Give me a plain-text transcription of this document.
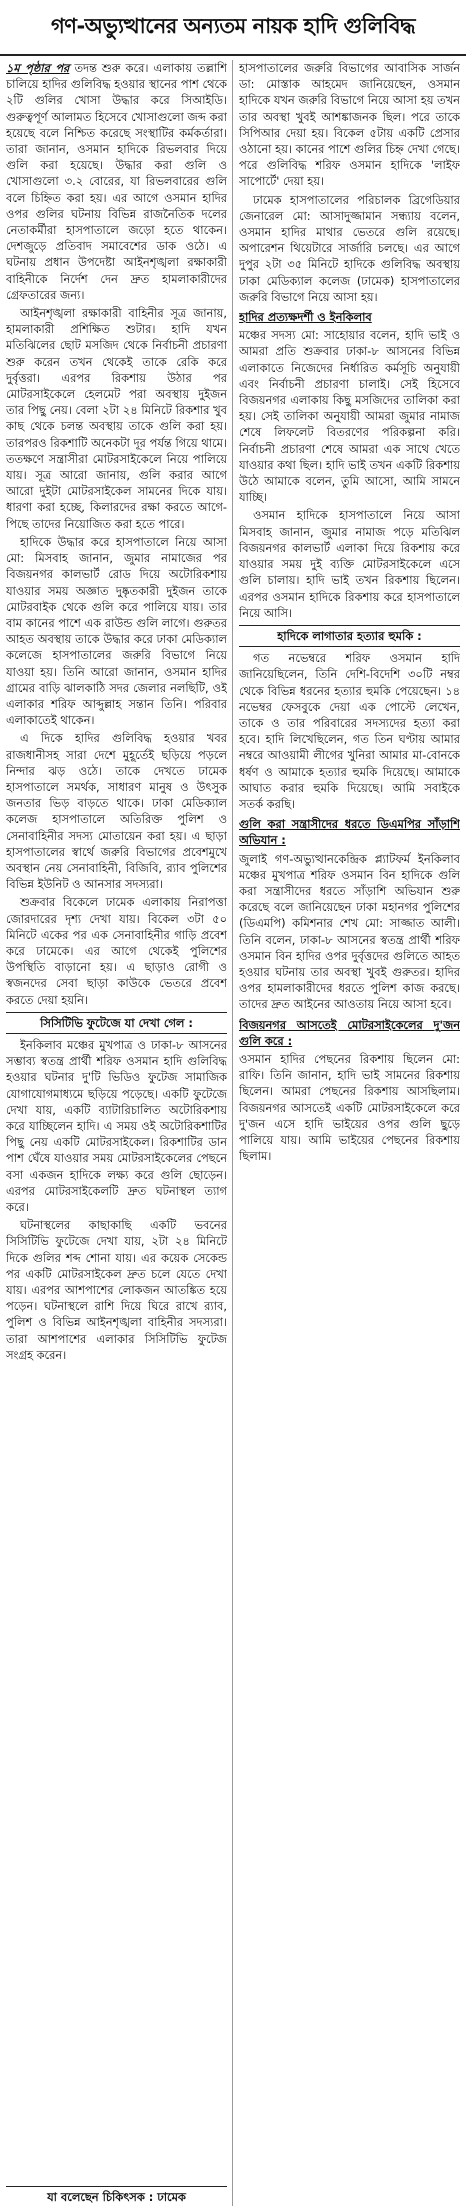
গণ-অভ্যুত্থানের অন্যতম নায়ক হাদি গুলিবিদ্ধ

১ম পৃষ্ঠার পর তদন্ত শুরু করে। এলাকায় তল্লাশি চালিয়ে হাদির গুলিবিদ্ধ হওয়ার স্থানের পাশ থেকে ২টি গুলির খোসা উদ্ধার করে সিআইডি। গুরুত্বপূর্ণ আলামত হিসেবে খোসাগুলো জব্দ করা হয়েছে বলে নিশ্চিত করেছে সংস্থাটির কর্মকর্তারা। তারা জানান, ওসমান হাদিকে রিভলবার দিয়ে গুলি করা হয়েছে। উদ্ধার করা গুলি ও খোসাগুলো ৩.২ বোরের, যা রিভলবারের গুলি বলে চিহ্নিত করা হয়। এর আগে ওসমান হাদির ওপর গুলির ঘটনায় বিভিন্ন রাজনৈতিক দলের নেতাকর্মীরা হাসপাতালে জড়ো হতে থাকেন। দেশজুড়ে প্রতিবাদ সমাবেশের ডাক ওঠে। এ ঘটনায় প্রধান উপদেষ্টা আইনশৃঙ্খলা রক্ষাকারী বাহিনীকে নির্দেশ দেন দ্রুত হামলাকারীদের গ্রেফতারের জন্য।

আইনশৃঙ্খলা রক্ষাকারী বাহিনীর সূত্র জানায়, হামলাকারী প্রশিক্ষিত শুটার। হাদি যখন মতিঝিলের ছোট মসজিদ থেকে নির্বাচনী প্রচারণা শুরু করেন তখন থেকেই তাকে রেকি করে দুর্বৃত্তরা। এরপর রিকশায় উঠার পর মোটরসাইকেলে হেলমেট পরা অবস্থায় দুইজন তার পিছু নেয়। বেলা ২টা ২৪ মিনিটে রিকশার খুব কাছ থেকে চলন্ত অবস্থায় তাকে গুলি করা হয়। তারপরও রিকশাটি অনেকটা দূর পর্যন্ত গিয়ে থামে। ততক্ষণে সন্ত্রাসীরা মোটরসাইকেলে নিয়ে পালিয়ে যায়। সূত্র আরো জানায়, গুলি করার আগে আরো দুইটা মোটরসাইকেল সামনের দিকে যায়। ধারণা করা হচ্ছে, কিলারদের রক্ষা করতে আগে-পিছে তাদের নিয়োজিত করা হতে পারে।

হাদিকে উদ্ধার করে হাসপাতালে নিয়ে আসা মো: মিসবাহ জানান, জুমার নামাজের পর বিজয়নগর কালভার্ট রোড দিয়ে অটোরিকশায় যাওয়ার সময় অজ্ঞাত দুষ্কৃতকারী দুইজন তাকে মোটরবাইক থেকে গুলি করে পালিয়ে যায়। তার বাম কানের পাশে এক রাউন্ড গুলি লাগে। গুরুতর আহত অবস্থায় তাকে উদ্ধার করে ঢাকা মেডিক্যাল কলেজে হাসপাতালের জরুরি বিভাগে নিয়ে যাওয়া হয়। তিনি আরো জানান, ওসমান হাদির গ্রামের বাড়ি ঝালকাঠি সদর জেলার নলছিটি, ওই এলাকার শরিফ আব্দুল্লাহ সন্তান তিনি। পরিবার এলাকাতেই থাকেন।

এ দিকে হাদির গুলিবিদ্ধ হওয়ার খবর রাজধানীসহ সারা দেশে মুহূর্তেই ছড়িয়ে পড়লে নিন্দার ঝড় ওঠে। তাকে দেখতে ঢামেক হাসপাতালে সমর্থক, সাধারণ মানুষ ও উৎসুক জনতার ভিড় বাড়তে থাকে। ঢাকা মেডিক্যাল কলেজ হাসপাতালে অতিরিক্ত পুলিশ ও সেনাবাহিনীর সদস্য মোতায়েন করা হয়। এ ছাড়া হাসপাতালের স্বার্থে জরুরি বিভাগের প্রবেশমুখে অবস্থান নেয় সেনাবাহিনী, বিজিবি, র‌্যাব পুলিশের বিভিন্ন ইউনিট ও আনসার সদস্যরা।

শুক্রবার বিকেলে ঢামেক এলাকায় নিরাপত্তা জোরদারের দৃশ্য দেখা যায়। বিকেল ৩টা ৫০ মিনিটে একের পর এক সেনাবাহিনীর গাড়ি প্রবেশ করে ঢামেকে। এর আগে থেকেই পুলিশের উপস্থিতি বাড়ানো হয়। এ ছাড়াও রোগী ও স্বজনদের সেবা ছাড়া কাউকে ভেতরে প্রবেশ করতে দেয়া হয়নি।

সিসিটিভি ফুটেজে যা দেখা গেল :

ইনকিলাব মঞ্চের মুখপাত্র ও ঢাকা-৮ আসনের সম্ভাব্য স্বতন্ত্র প্রার্থী শরিফ ওসমান হাদি গুলিবিদ্ধ হওয়ার ঘটনার দু'টি ভিডিও ফুটেজ সামাজিক যোগাযোগমাধ্যমে ছড়িয়ে পড়েছে। একটি ফুটেজে দেখা যায়, একটি ব্যাটারিচালিত অটোরিকশায় করে যাচ্ছিলেন হাদি। এ সময় ওই অটোরিকশাটির পিছু নেয় একটি মোটরসাইকেল। রিকশাটির ডান পাশ ঘেঁষে যাওয়ার সময় মোটরসাইকেলের পেছনে বসা একজন হাদিকে লক্ষ্য করে গুলি ছোড়েন। এরপর মোটরসাইকেলটি দ্রুত ঘটনাস্থল ত্যাগ করে।

ঘটনাস্থলের কাছাকাছি একটি ভবনের সিসিটিভি ফুটেজে দেখা যায়, ২টা ২৪ মিনিটে দিকে গুলির শব্দ শোনা যায়। এর কয়েক সেকেন্ড পর একটি মোটরসাইকেল দ্রুত চলে যেতে দেখা যায়। এরপর আশপাশের লোকজন আতঙ্কিত হয়ে পড়েন। ঘটনাস্থলে রাশি দিয়ে ঘিরে রাখে র‌্যাব, পুলিশ ও বিভিন্ন আইনশৃঙ্খলা বাহিনীর সদস্যরা। তারা আশপাশের এলাকার সিসিটিভি ফুটেজ সংগ্রহ করেন।

হাসপাতালের জরুরি বিভাগের আবাসিক সার্জন ডা: মোস্তাক আহমেদ জানিয়েছেন, ওসমান হাদিকে যখন জরুরি বিভাগে নিয়ে আসা হয় তখন তার অবস্থা খুবই আশঙ্কাজনক ছিল। পরে তাকে সিপিআর দেয়া হয়। বিকেল ৫টায় একটি প্রেসার ওঠানো হয়। কানের পাশে গুলির চিহ্ন দেখা গেছে। পরে গুলিবিদ্ধ শরিফ ওসমান হাদিকে 'লাইফ সাপোর্টে' দেয়া হয়।

ঢামেক হাসপাতালের পরিচালক ব্রিগেডিয়ার জেনারেল মো: আসাদুজ্জামান সন্ধ্যায় বলেন, ওসমান হাদির মাথার ভেতরে গুলি রয়েছে। অপারেশন থিয়েটারে সার্জারি চলছে। এর আগে দুপুর ২টা ৩৫ মিনিটে হাদিকে গুলিবিদ্ধ অবস্থায় ঢাকা মেডিক্যাল কলেজ (ঢামেক) হাসপাতালের জরুরি বিভাগে নিয়ে আসা হয়।

হাদির প্রত্যক্ষদর্শী ও ইনকিলাব

মঞ্চের সদস্য মো: সাহোয়ার বলেন, হাদি ভাই ও আমরা প্রতি শুক্রবার ঢাকা-৮ আসনের বিভিন্ন এলাকাতে নিজেদের নির্ধারিত কর্মসূচি অনুযায়ী এবং নির্বাচনী প্রচারণা চালাই। সেই হিসেবে বিজয়নগর এলাকায় কিছু মসজিদের তালিকা করা হয়। সেই তালিকা অনুযায়ী আমরা জুমার নামাজ শেষে লিফলেট বিতরণের পরিকল্পনা করি। নির্বাচনী প্রচারণা শেষে আমরা এক সাথে খেতে যাওয়ার কথা ছিল। হাদি ভাই তখন একটি রিকশায় উঠে আমাকে বলেন, তুমি আসো, আমি সামনে যাচ্ছি।

ওসমান হাদিকে হাসপাতালে নিয়ে আসা মিসবাহ জানান, জুমার নামাজ পড়ে মতিঝিল বিজয়নগর কালভার্ট এলাকা দিয়ে রিকশায় করে যাওয়ার সময় দুই ব্যক্তি মোটরসাইকেলে এসে গুলি চালায়। হাদি ভাই তখন রিকশায় ছিলেন। এরপর ওসমান হাদিকে রিকশায় করে হাসপাতালে নিয়ে আসি।

হাদিকে লাগাতার হত্যার হুমকি :

গত নভেম্বরে শরিফ ওসমান হাদি জানিয়েছিলেন, তিনি দেশি-বিদেশি ৩০টি নম্বর থেকে বিভিন্ন ধরনের হত্যার হুমকি পেয়েছেন। ১৪ নভেম্বর ফেসবুকে দেয়া এক পোস্টে লেখেন, তাকে ও তার পরিবারের সদস্যদের হত্যা করা হবে। হাদি লিখেছিলেন, গত তিন ঘণ্টায় আমার নম্বরে আওয়ামী লীগের খুনিরা আমার মা-বোনকে ধর্ষণ ও আমাকে হত্যার হুমকি দিয়েছে। আমাকে আঘাত করার হুমকি দিয়েছে। আমি সবাইকে সতর্ক করছি।

গুলি করা সন্ত্রাসীদের ধরতে ডিএমপির সাঁড়াশি অভিযান :

জুলাই গণ-অভ্যুত্থানকেন্দ্রিক প্ল্যাটফর্ম ইনকিলাব মঞ্চের মুখপাত্র শরিফ ওসমান বিন হাদিকে গুলি করা সন্ত্রাসীদের ধরতে সাঁড়াশি অভিযান শুরু করেছে বলে জানিয়েছেন ঢাকা মহানগর পুলিশের (ডিএমপি) কমিশনার শেখ মো: সাজ্জাত আলী। তিনি বলেন, ঢাকা-৮ আসনের স্বতন্ত্র প্রার্থী শরিফ ওসমান বিন হাদির ওপর দুর্বৃত্তদের গুলিতে আহত হওয়ার ঘটনায় তার অবস্থা খুবই গুরুতর। হাদির ওপর হামলাকারীদের ধরতে পুলিশ কাজ করছে। তাদের দ্রুত আইনের আওতায় নিয়ে আসা হবে।

বিজয়নগর আসতেই মোটরসাইকেলের দু'জন গুলি করে :

ওসমান হাদির পেছনের রিকশায় ছিলেন মো: রাফি। তিনি জানান, হাদি ভাই সামনের রিকশায় ছিলেন। আমরা পেছনের রিকশায় আসছিলাম। বিজয়নগর আসতেই একটি মোটরসাইকেলে করে দু'জন এসে হাদি ভাইয়ের ওপর গুলি ছুড়ে পালিয়ে যায়। আমি ভাইয়ের পেছনের রিকশায় ছিলাম।

যা বলেছেন চিকিৎসক : ঢামেক
